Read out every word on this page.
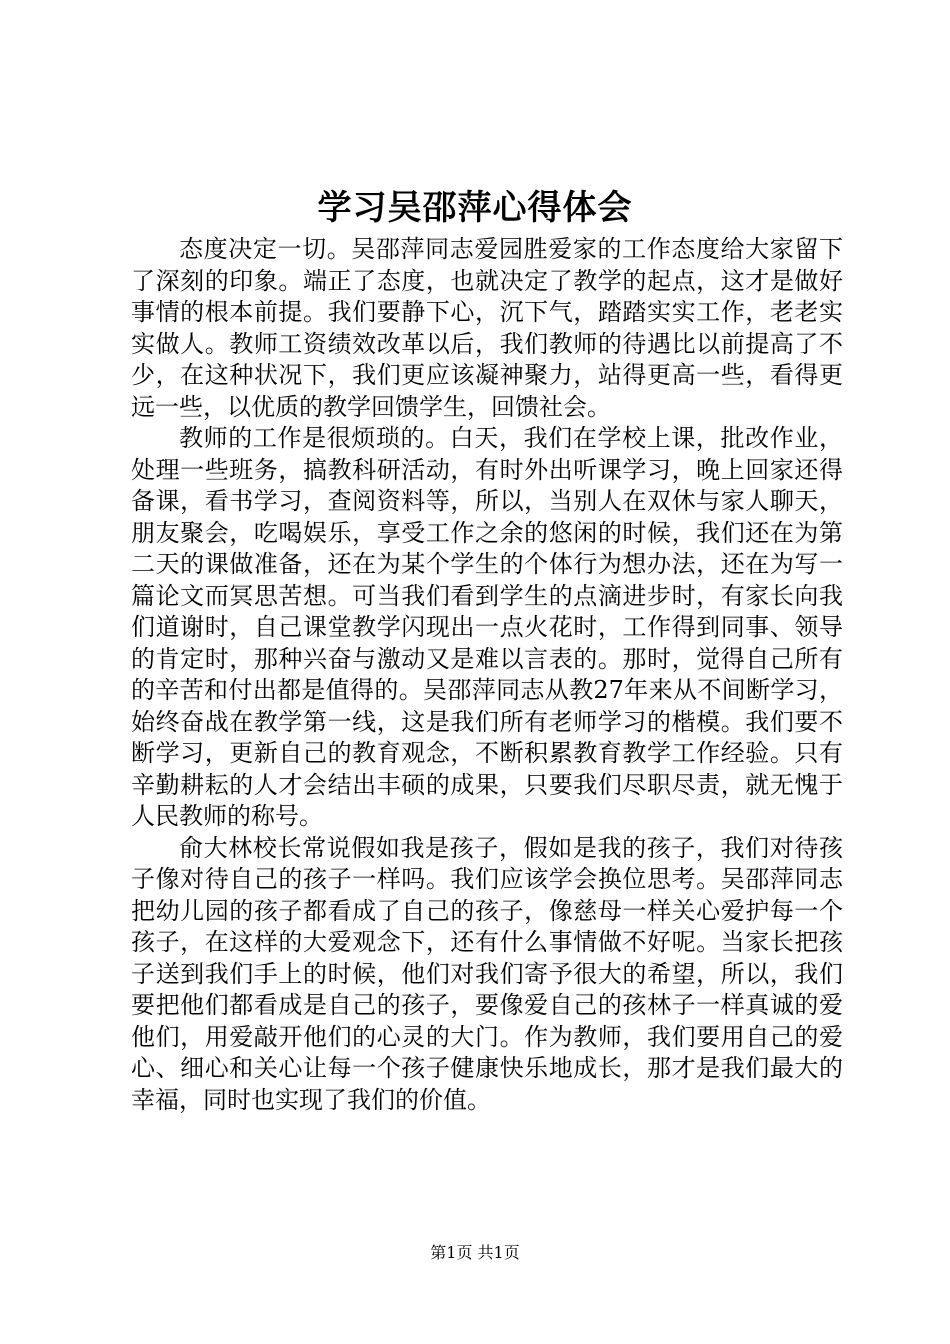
学习吴邵萍心得体会

态度决定一切。吴邵萍同志爱园胜爱家的工作态度给大家留下了深刻的印象。端正了态度，也就决定了教学的起点，这才是做好事情的根本前提。我们要静下心，沉下气，踏踏实实工作，老老实实做人。教师工资绩效改革以后，我们教师的待遇比以前提高了不少，在这种状况下，我们更应该凝神聚力，站得更高一些，看得更远一些，以优质的教学回馈学生，回馈社会。

教师的工作是很烦琐的。白天，我们在学校上课，批改作业，处理一些班务，搞教科研活动，有时外出听课学习，晚上回家还得备课，看书学习，查阅资料等，所以，当别人在双休与家人聊天，朋友聚会，吃喝娱乐，享受工作之余的悠闲的时候，我们还在为第二天的课做准备，还在为某个学生的个体行为想办法，还在为写一篇论文而冥思苦想。可当我们看到学生的点滴进步时，有家长向我们道谢时，自己课堂教学闪现出一点火花时，工作得到同事、领导的肯定时，那种兴奋与激动又是难以言表的。那时，觉得自己所有的辛苦和付出都是值得的。吴邵萍同志从教27年来从不间断学习，始终奋战在教学第一线，这是我们所有老师学习的楷模。我们要不断学习，更新自己的教育观念，不断积累教育教学工作经验。只有辛勤耕耘的人才会结出丰硕的成果，只要我们尽职尽责，就无愧于人民教师的称号。

俞大林校长常说假如我是孩子，假如是我的孩子，我们对待孩子像对待自己的孩子一样吗。我们应该学会换位思考。吴邵萍同志把幼儿园的孩子都看成了自己的孩子，像慈母一样关心爱护每一个孩子，在这样的大爱观念下，还有什么事情做不好呢。当家长把孩子送到我们手上的时候，他们对我们寄予很大的希望，所以，我们要把他们都看成是自己的孩子，要像爱自己的孩林子一样真诚的爱他们，用爱敲开他们的心灵的大门。作为教师，我们要用自己的爱心、细心和关心让每一个孩子健康快乐地成长，那才是我们最大的幸福，同时也实现了我们的价值。

第1页 共1页
